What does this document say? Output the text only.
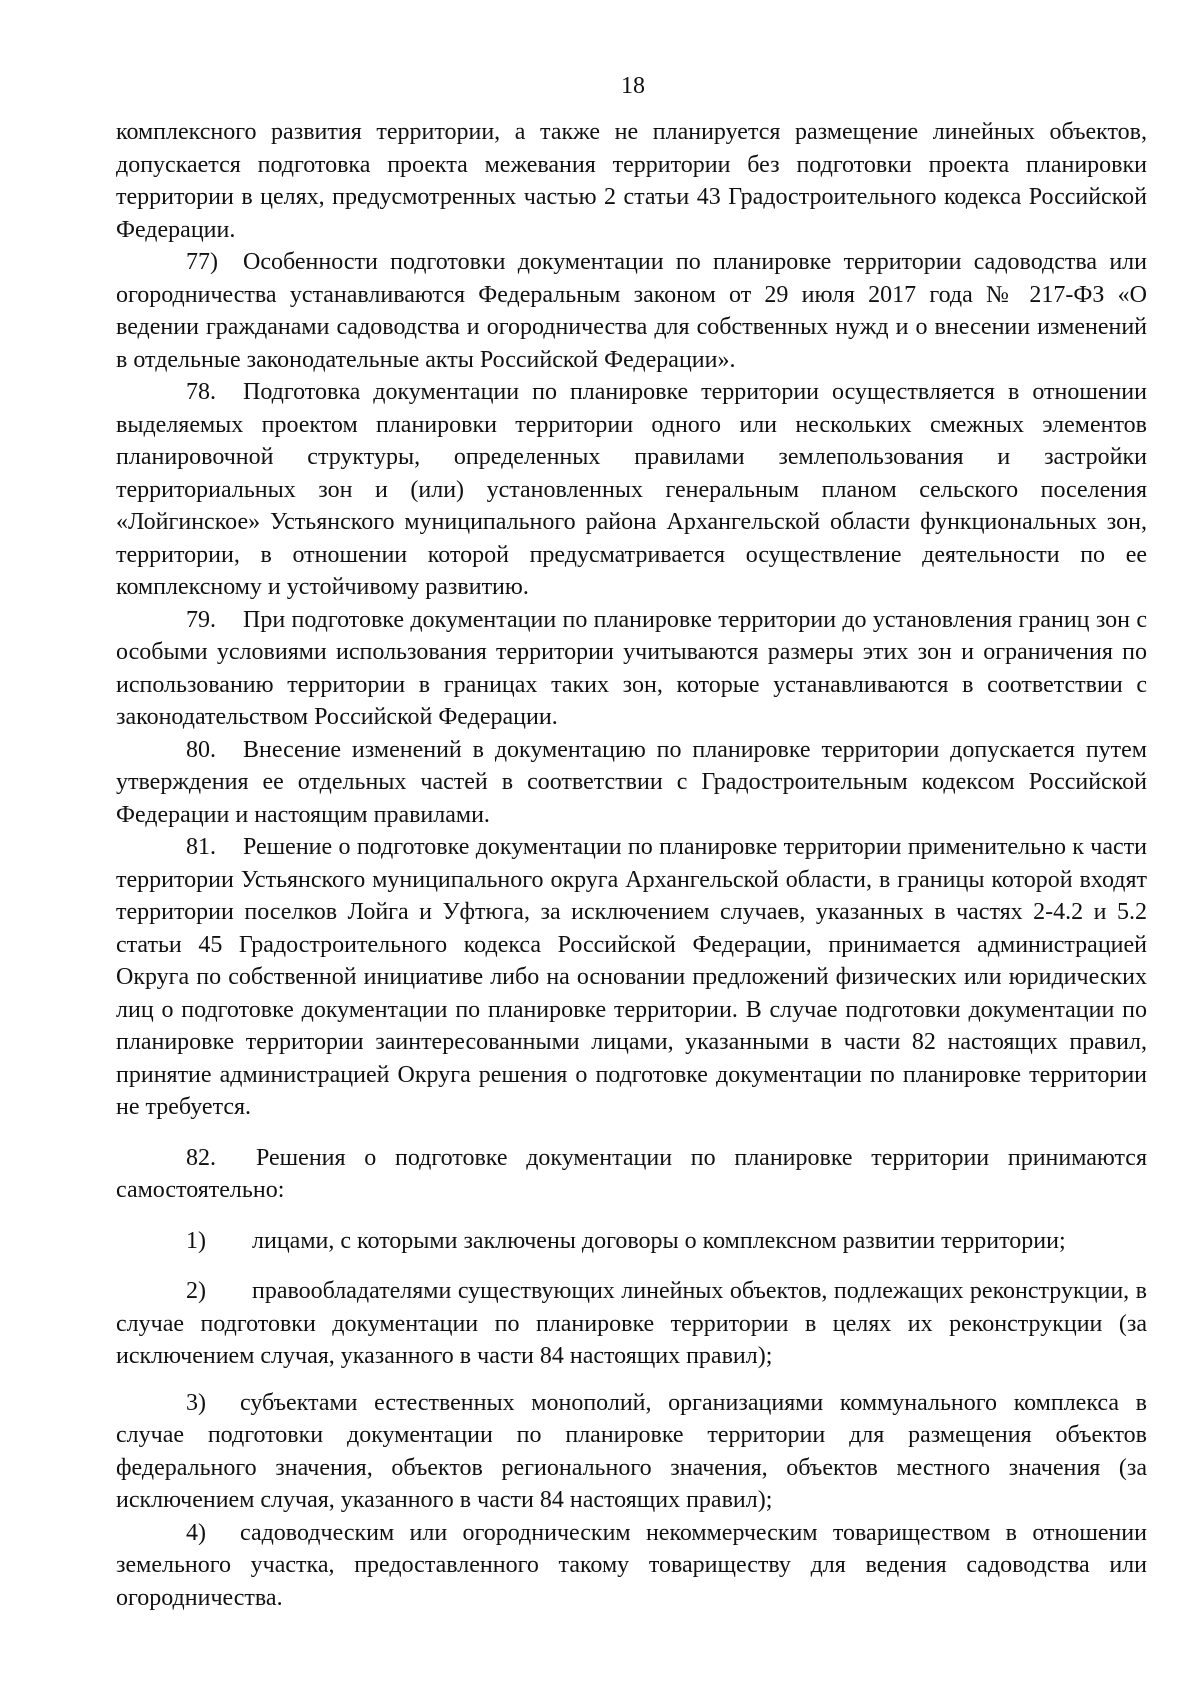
18

комплексного развития территории, а также не планируется размещение линейных объектов, допускается подготовка проекта межевания территории без подготовки проекта планировки территории в целях, предусмотренных частью 2 статьи 43 Градостроительного кодекса Российской Федерации.

77) Особенности подготовки документации по планировке территории садоводства или огородничества устанавливаются Федеральным законом от 29 июля 2017 года № 217-ФЗ «О ведении гражданами садоводства и огородничества для собственных нужд и о внесении изменений в отдельные законодательные акты Российской Федерации».

78. Подготовка документации по планировке территории осуществляется в отношении выделяемых проектом планировки территории одного или нескольких смежных элементов планировочной структуры, определенных правилами землепользования и застройки территориальных зон и (или) установленных генеральным планом сельского поселения «Лойгинское» Устьянского муниципального района Архангельской области функциональных зон, территории, в отношении которой предусматривается осуществление деятельности по ее комплексному и устойчивому развитию.

79. При подготовке документации по планировке территории до установления границ зон с особыми условиями использования территории учитываются размеры этих зон и ограничения по использованию территории в границах таких зон, которые устанавливаются в соответствии с законодательством Российской Федерации.

80. Внесение изменений в документацию по планировке территории допускается путем утверждения ее отдельных частей в соответствии с Градостроительным кодексом Российской Федерации и настоящим правилами.

81. Решение о подготовке документации по планировке территории применительно к части территории Устьянского муниципального округа Архангельской области, в границы которой входят территории поселков Лойга и Уфтюга, за исключением случаев, указанных в частях 2-4.2 и 5.2 статьи 45 Градостроительного кодекса Российской Федерации, принимается администрацией Округа по собственной инициативе либо на основании предложений физических или юридических лиц о подготовке документации по планировке территории. В случае подготовки документации по планировке территории заинтересованными лицами, указанными в части 82 настоящих правил, принятие администрацией Округа решения о подготовке документации по планировке территории не требуется.

82. Решения о подготовке документации по планировке территории принимаются самостоятельно:

1) лицами, с которыми заключены договоры о комплексном развитии территории;

2) правообладателями существующих линейных объектов, подлежащих реконструкции, в случае подготовки документации по планировке территории в целях их реконструкции (за исключением случая, указанного в части 84 настоящих правил);

3) субъектами естественных монополий, организациями коммунального комплекса в случае подготовки документации по планировке территории для размещения объектов федерального значения, объектов регионального значения, объектов местного значения (за исключением случая, указанного в части 84 настоящих правил);

4) садоводческим или огородническим некоммерческим товариществом в отношении земельного участка, предоставленного такому товариществу для ведения садоводства или огородничества.
